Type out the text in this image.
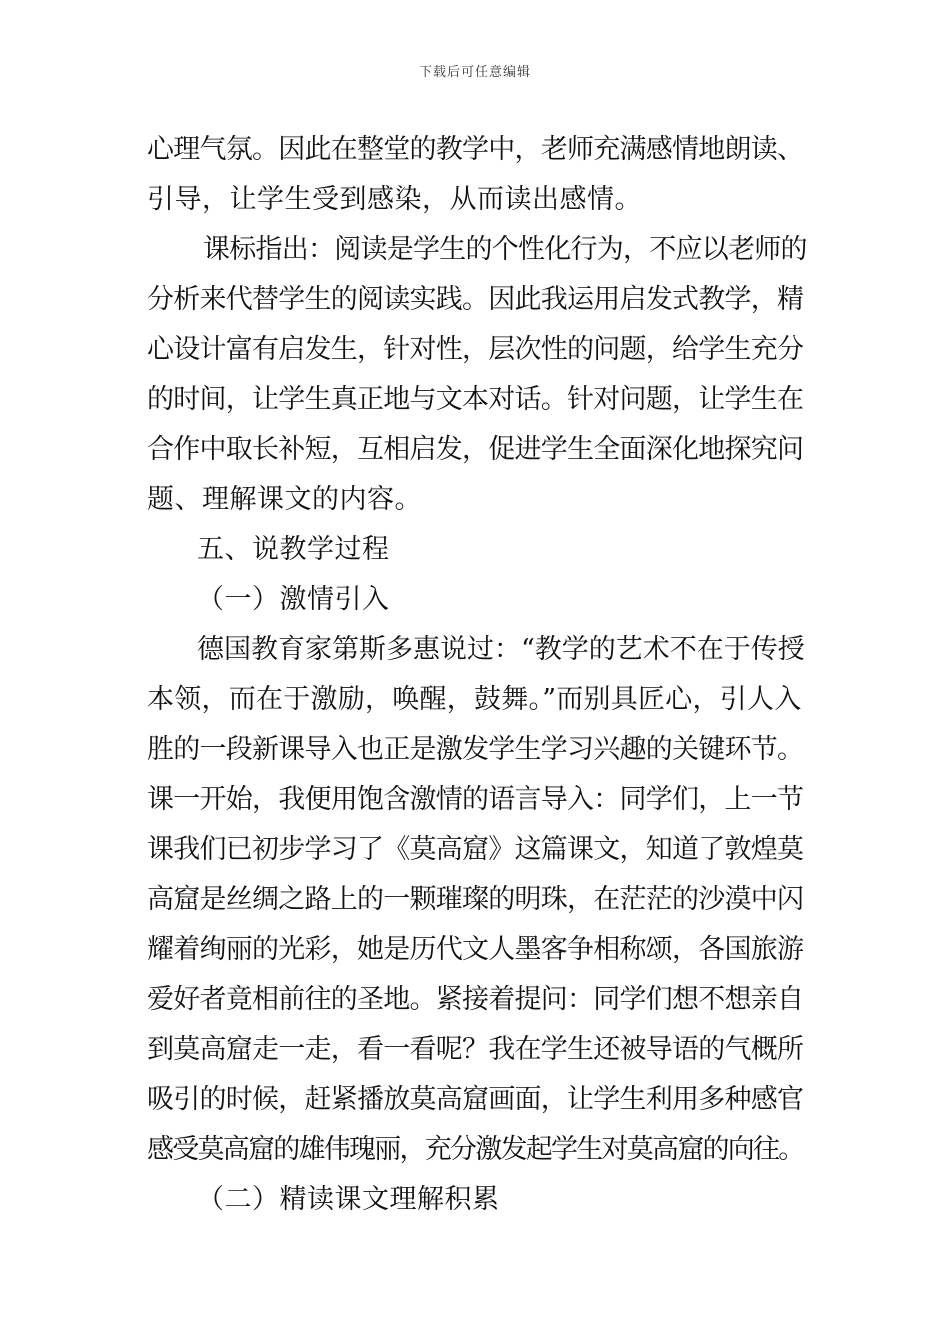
下载后可任意编辑
心理气氛。因此在整堂的教学中，老师充满感情地朗读、
引导，让学生受到感染，从而读出感情。
课标指出：阅读是学生的个性化行为，不应以老师的
分析来代替学生的阅读实践。因此我运用启发式教学，精
心设计富有启发生，针对性，层次性的问题，给学生充分
的时间，让学生真正地与文本对话。针对问题，让学生在
合作中取长补短，互相启发，促进学生全面深化地探究问
题、理解课文的内容。
五、说教学过程
（一）激情引入
德国教育家第斯多惠说过：“教学的艺术不在于传授
本领，而在于激励，唤醒，鼓舞。”而别具匠心，引人入
胜的一段新课导入也正是激发学生学习兴趣的关键环节。
课一开始，我便用饱含激情的语言导入：同学们，上一节
课我们已初步学习了《莫高窟》这篇课文，知道了敦煌莫
高窟是丝绸之路上的一颗璀璨的明珠，在茫茫的沙漠中闪
耀着绚丽的光彩，她是历代文人墨客争相称颂，各国旅游
爱好者竟相前往的圣地。紧接着提问：同学们想不想亲自
到莫高窟走一走，看一看呢？我在学生还被导语的气概所
吸引的时候，赶紧播放莫高窟画面，让学生利用多种感官
感受莫高窟的雄伟瑰丽，充分激发起学生对莫高窟的向往。
（二）精读课文理解积累
